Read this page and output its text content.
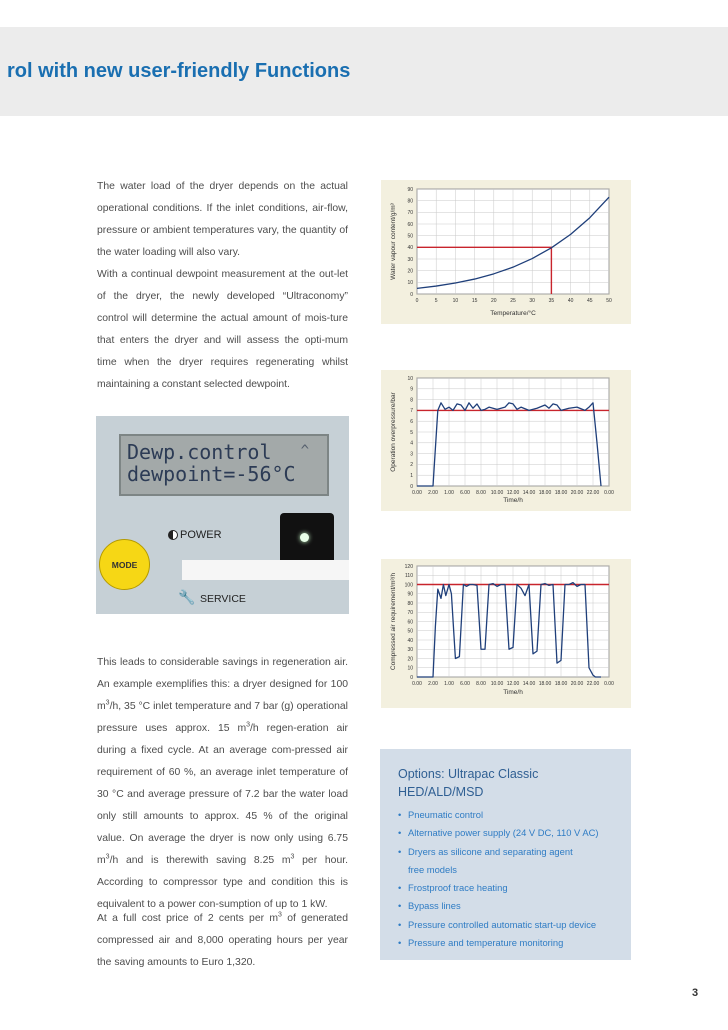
rol with new user-friendly Functions
The water load of the dryer depends on the actual operational conditions. If the inlet conditions, air-flow, pressure or ambient temperatures vary, the quantity of the water loading will also vary.
With a continual dewpoint measurement at the out-let of the dryer, the newly developed “Ultraconomy” control will determine the actual amount of mois-ture that enters the dryer and will assess the opti-mum time when the dryer requires regenerating whilst maintaining a constant selected dewpoint.
This leads to considerable savings in regeneration air. An example exemplifies this: a dryer designed for 100 $m^3/h$, 35 °C inlet temperature and 7 bar (g) operational pressure uses approx. 15 $m^3/h$ regen-eration air during a fixed cycle. At an average com-pressed air requirement of 60 %, an average inlet temperature of 30 °C and average pressure of 7.2 bar the water load only still amounts to approx. 45 % of the original value. On average the dryer is now only using 6.75 $m^3/h$ and is therewith saving 8.25 $m^3$ per hour. According to compressor type and condition this is equivalent to a power con-sumption of up to 1 kW.
At a full cost price of 2 cents per $m^3$ of generated compressed air and 8,000 operating hours per year the saving amounts to Euro 1,320.
Dewp.control
dewpoint=-56°C
^
POWER
🔧 SERVICE
MODE
0	5	10	15	20	25	30	35	40	45	50
0
10
20
30
40
50
60
70
80
90
Temperature/°C
Water vapour content/g/m³
0.00 2.00 1.00 6.00 8.00 10.00 12.00 14.00 18.00 18.00 20.00 22.00 0.00
0
1
2
3
4
5
6
7
8
9
10
Time/h
Operation overpressure/bar
0.00 2.00 1.00 6.00 8.00 10.00 12.00 14.00 18.00 18.00 20.00 22.00 0.00
0
10
20
30
40
50
60
70
80
90
100
110
120
Time/h
Compressed air requirement/m³/h
Options: Ultrapac Classic
HED/ALD/MSD
• Pneumatic control
• Alternative power supply (24 V DC, 110 V AC)
• Dryers as silicone and separating agent
free models
• Frostproof trace heating
• Bypass lines
• Pressure controlled automatic start-up device
• Pressure and temperature monitoring
3
